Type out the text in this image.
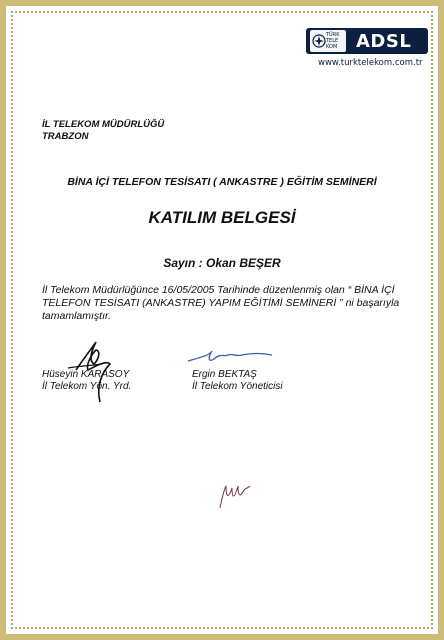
TÜRK
TELE
KOM ADSL
www.turktelekom.com.tr
İL TELEKOM MÜDÜRLÜĞÜ
TRABZON
BİNA İÇİ TELEFON TESİSATI ( ANKASTRE ) EĞİTİM SEMİNERİ
KATILIM BELGESİ
Sayın : Okan BEŞER
İl Telekom Müdürlüğünce 16/05/2005 Tarihinde düzenlenmiş olan “ BİNA İÇİ TELEFON TESİSATI (ANKASTRE) YAPIM EĞİTİMİ SEMİNERİ ” ni başarıyla tamamlamıştır.
Hüseyin KARASOY
İl Telekom Yön. Yrd.
Ergin BEKTAŞ
İl Telekom Yöneticisi
